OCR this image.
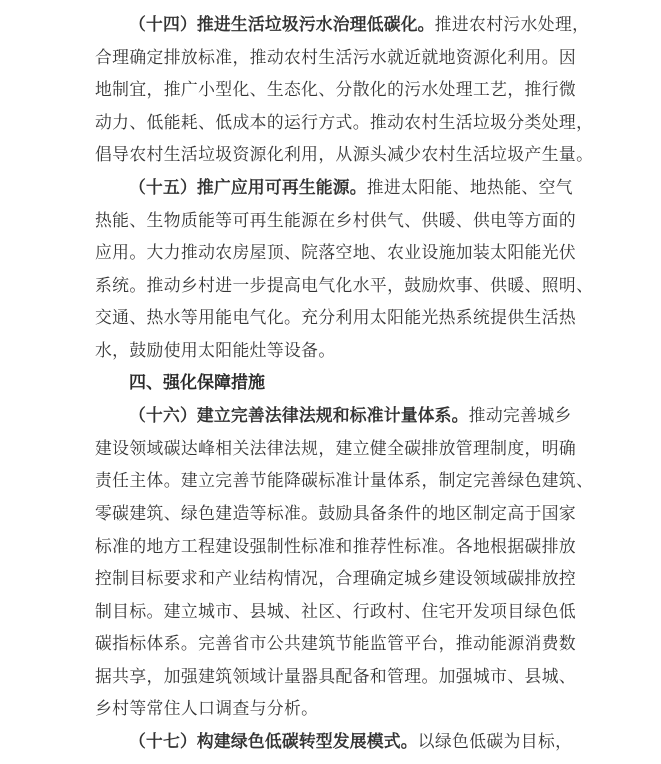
（十四）推进生活垃圾污水治理低碳化。推进农村污水处理，

合理确定排放标准，推动农村生活污水就近就地资源化利用。因

地制宜，推广小型化、生态化、分散化的污水处理工艺，推行微

动力、低能耗、低成本的运行方式。推动农村生活垃圾分类处理，

倡导农村生活垃圾资源化利用，从源头减少农村生活垃圾产生量。

（十五）推广应用可再生能源。推进太阳能、地热能、空气

热能、生物质能等可再生能源在乡村供气、供暖、供电等方面的

应用。大力推动农房屋顶、院落空地、农业设施加装太阳能光伏

系统。推动乡村进一步提高电气化水平，鼓励炊事、供暖、照明、

交通、热水等用能电气化。充分利用太阳能光热系统提供生活热

水，鼓励使用太阳能灶等设备。

四、强化保障措施

（十六）建立完善法律法规和标准计量体系。推动完善城乡

建设领域碳达峰相关法律法规，建立健全碳排放管理制度，明确

责任主体。建立完善节能降碳标准计量体系，制定完善绿色建筑、

零碳建筑、绿色建造等标准。鼓励具备条件的地区制定高于国家

标准的地方工程建设强制性标准和推荐性标准。各地根据碳排放

控制目标要求和产业结构情况，合理确定城乡建设领域碳排放控

制目标。建立城市、县城、社区、行政村、住宅开发项目绿色低

碳指标体系。完善省市公共建筑节能监管平台，推动能源消费数

据共享，加强建筑领域计量器具配备和管理。加强城市、县城、

乡村等常住人口调查与分析。

（十七）构建绿色低碳转型发展模式。以绿色低碳为目标，
